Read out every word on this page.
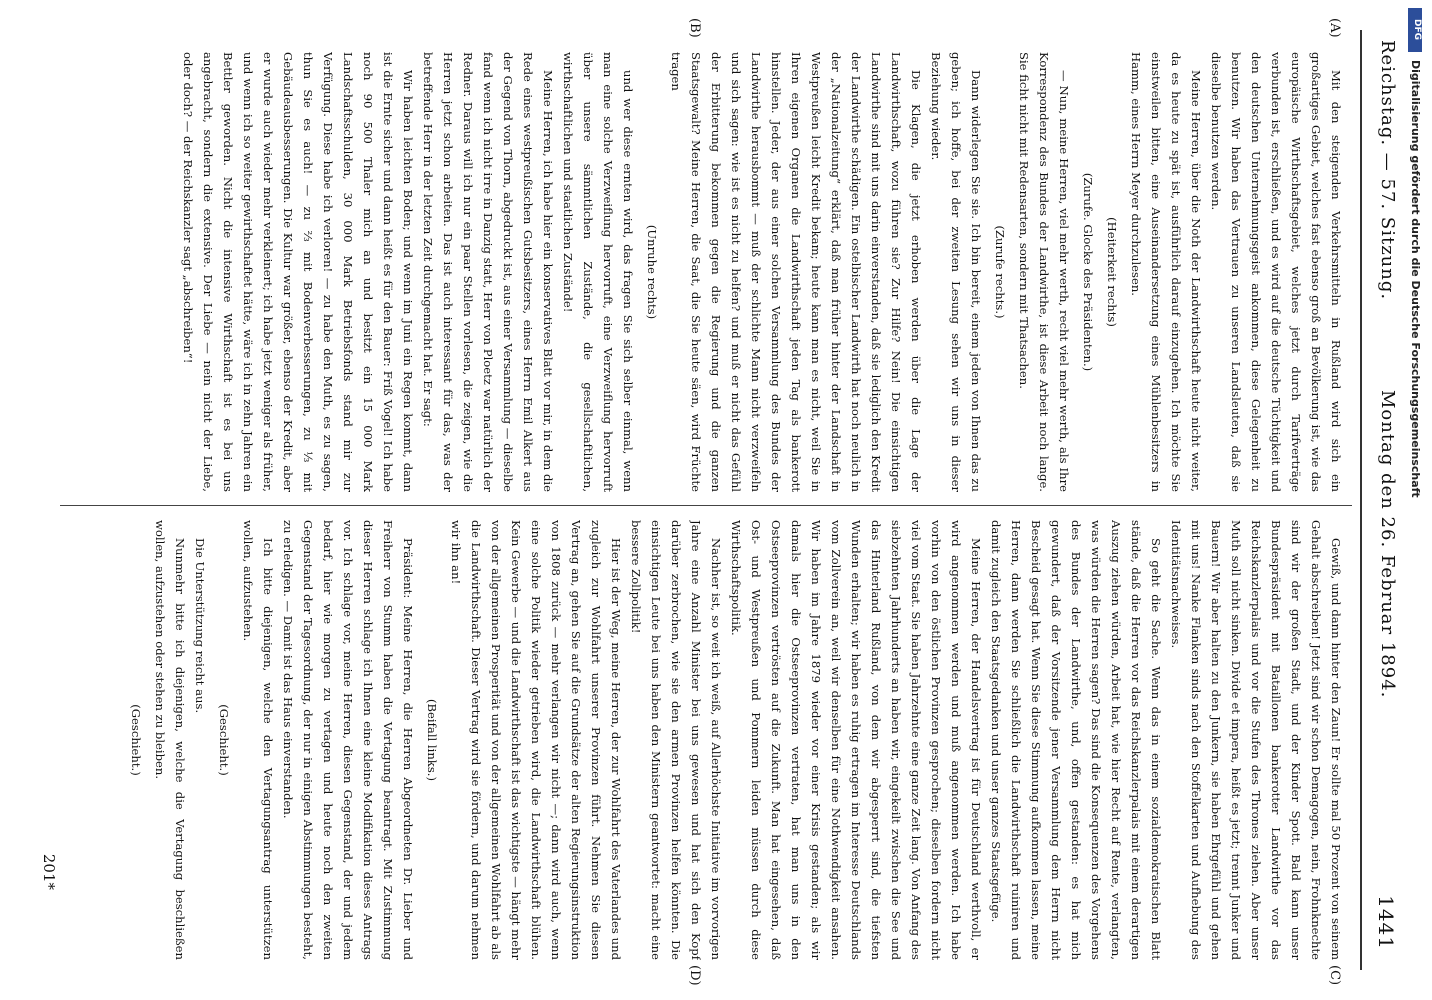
Reichstag. — 57. Sitzung.
Montag den 26. Februar 1894.
1441
(A)
(B)
(C)
(D)

Mit den steigenden Verkehrsmitteln in Rußland wird sich ein großartiges Gebiet, welches fast ebenso groß an Bevölkerung ist, wie das europäische Wirthschaftsgebiet, welches jetzt durch Tarifverträge verbunden ist, erschließen, und es wird auf die deutsche Tüchtigkeit und den deutschen Unternehmungsgeist ankommen, diese Gelegenheit zu benutzen. Wir haben das Vertrauen zu unseren Landsleuten, daß sie dieselbe benutzen werden.

Meine Herren, über die Noth der Landwirthschaft heute nicht weiter, da es heute zu spät ist, ausführlich darauf einzugehen. Ich möchte Sie einstweilen bitten, eine Auseinandersetzung eines Mühlenbesitzers in Hamm, eines Herrn Meyer durchzulesen.

(Heiterkeit rechts)

(Zurufe. Glocke des Präsidenten.)

— Nun, meine Herren, viel mehr werth, recht viel mehr werth, als Ihre Korrespondenz des Bundes der Landwirthe, ist diese Arbeit noch lange. Sie ficht nicht mit Redensarten, sondern mit Thatsachen.

(Zurufe rechts.)

Dann widerlegen Sie sie. Ich bin bereit, einem jeden von Ihnen das zu geben; ich hoffe, bei der zweiten Lesung sehen wir uns in dieser Beziehung wieder.

Die Klagen, die jetzt erhoben werden über die Lage der Landwirthschaft, wozu führen sie? Zur Hilfe? Nein! Die einsichtigen Landwirthe sind mit uns darin einverstanden, daß sie lediglich den Kredit der Landwirthe schädigen. Ein ostelbischer Landwirth hat noch neulich in der „Nationalzeitung“ erklärt, daß man früher hinter der Landschaft in Westpreußen leicht Kredit bekam; heute kann man es nicht, weil Sie in Ihren eigenen Organen die Landwirthschaft jeden Tag als bankerott hinstellen. Jeder, der aus einer solchen Versammlung des Bundes der Landwirthe herausbommt — muß der schlichte Mann nicht verzweifeln und sich sagen: wie ist es nicht zu helfen? und muß er nicht das Gefühl der Erbitterung bekommen gegen die Regierung und die ganzen Staatsgewalt? Meine Herren, die Saat, die Sie heute säen, wird Früchte tragen

(Unruhe rechts)

und wer diese ernten wird, das fragen Sie sich selber einmal, wenn man eine solche Verzweiflung hervorruft, eine Verzweiflung hervorruft über unsere sämmtlichen Zustände, die gesellschaftlichen, wirthschaftlichen und staatlichen Zustände!

Meine Herren, ich habe hier ein konservatives Blatt vor mir, in dem die Rede eines westpreußischen Gutsbesitzers, eines Herrn Emil Alkert aus der Gegend von Thorn, abgedruckt ist, aus einer Versammlung — dieselbe fand wenn ich nicht irre in Danzig statt, Herr von Ploetz war natürlich der Redner. Daraus will ich nur ein paar Stellen vorlesen, die zeigen, wie die Herren jetzt schon arbeiten. Das ist auch interessant für das, was der betreffende Herr in der letzten Zeit durchgemacht hat. Er sagt:

Wir haben leichten Boden; und wenn im Juni ein Regen kommt, dann ist die Ernte sicher und dann heißt es für den Bauer: Friß Vogel! Ich habe noch 90 500 Thaler mich an und besitzt ein 15 000 Mark Landschaftsschulden, 30 000 Mark Betriebsfonds stand mir zur Verfügung. Diese habe ich verloren! — zu habe den Muth, es zu sagen, thun Sie es auch! — zu ⅔ mit Bodenverbesserungen, zu ⅓ mit Gebäudeausbesserungen. Die Kultur war größer, ebenso der Kredit, aber er wurde auch wieder mehr verkleinert; ich habe jetzt weniger als früher, und wenn ich so weiter gewirthschaftet hätte, wäre ich in zehn Jahren ein Bettler geworden. Nicht die intensive Wirthschaft ist es bei uns angebracht, sondern die extensive. Der Liebe — nein nicht der Liebe, oder doch? — der Reichskanzler sagt „abschreiben“!

Gewiß, und dann hinter den Zaun! Er sollte mal 50 Prozent von seinem Gehalt abschreiben! Jetzt sind wir schon Demagogen, nein, Frohnknechte sind wir der großen Stadt, und der Kinder Spott. Bald kann unser Bundespräsident mit Bataillonen bankerotter Landwirthe vor das Reichskanzlerpalais und vor die Stufen des Thrones ziehen. Aber unser Muth soll nicht sinken. Divide et impera, heißt es jetzt; trennt Junker und Bauern! Wir aber halten zu den Junkern, sie haben Ehrgefühl und gehen mit uns! Nanke Flanken sinds nach den Stoffelkarten und Aufhebung des Identitätsnachweises.

So geht die Sache. Wenn das in einem sozialdemokratischen Blatt stände, daß die Herren vor das Reichskanzlerpalais mit einem derartigen Auszug ziehen würden, Arbeit hat, wie hier Recht auf Rente, verlangten, was würden die Herren sagen? Das sind die Konsequenzen des Vorgehens des Bundes der Landwirthe, und, offen gestanden: es hat mich gewundert, daß der Vorsitzende jener Versammlung dem Herrn nicht Bescheid gesagt hat. Wenn Sie diese Stimmung aufkommen lassen, meine Herren, dann werden Sie schließlich die Landwirthschaft ruiniren und damit zugleich den Staatsgedanken und unser ganzes Staatsgefüge.

Meine Herren, der Handelsvertrag ist für Deutschland werthvoll, er wird angenommen werden und muß angenommen werden. Ich habe vorhin von den östlichen Provinzen gesprochen; dieselben fordern nicht viel vom Staat. Sie haben Jahrzehnte eine ganze Zeit lang. Von Anfang des siebzehnten Jahrhunderts an haben wir, eingekeilt zwischen die See und das Hinterland Rußland, von dem wir abgesperrt sind, die tiefsten Wunden erhalten; wir haben es ruhig ertragen im Interesse Deutschlands vom Zollverein an, weil wir denselben für eine Nothwendigkeit ansahen. Wir haben im Jahre 1879 wieder vor einer Krisis gestanden; als wir damals hier die Ostseeprovinzen vertraten, hat man uns in den Ostseeprovinzen vertrösten auf die Zukunft. Man hat eingesehen, daß Ost- und Westpreußen und Pommern leiden müssen durch diese Wirthschaftspolitik.

Nachher ist, so weit ich weiß, auf Allerhöchste Initiative im vorvorigen Jahre eine Anzahl Minister bei uns gewesen und hat sich den Kopf darüber zerbrochen, wie sie den armen Provinzen helfen könnten. Die einsichtigen Leute bei uns haben den Ministern geantwortet: macht eine bessere Zollpolitik!

Hier ist der Weg, meine Herren, der zur Wohlfahrt des Vaterlandes und zugleich zur Wohlfahrt unserer Provinzen führt. Nehmen Sie diesen Vertrag an, gehen Sie auf die Grundsätze der alten Regierungsinstruktion von 1808 zurück — mehr verlangen wir nicht —; dann wird auch, wenn eine solche Politik wieder getrieben wird, die Landwirthschaft blühen. Kein Gewerbe — und die Landwirthschaft ist das wichtigste — hängt mehr von der allgemeinen Prosperität und von der allgemeinen Wohlfahrt ab als die Landwirthschaft. Dieser Vertrag wird sie fördern, und darum nehmen wir ihn an!

(Beifall links.)

Präsident: Meine Herren, die Herren Abgeordneten Dr. Lieber und Freiherr von Stumm haben die Vertagung beantragt. Mit Zustimmung dieser Herren schlage ich Ihnen eine kleine Modifikation dieses Antrags vor. Ich schlage vor, meine Herren, diesen Gegenstand, der und jedem bedarf, hier wie morgen zu vertagen und heute noch den zweiten Gegenstand der Tagesordnung, der nur in einigen Abstimmungen besteht, zu erledigen. — Damit ist das Haus einverstanden.

Ich bitte diejenigen, welche den Vertagungsantrag unterstützen wollen, aufzustehen.

(Geschieht.)

Die Unterstützung reicht aus.

Nunmehr bitte ich diejenigen, welche die Vertagung beschließen wollen, aufzustehen oder stehen zu bleiben.

(Geschieht.)

201*
DFG
Digitalisierung gefördert durch die Deutsche Forschungsgemeinschaft
